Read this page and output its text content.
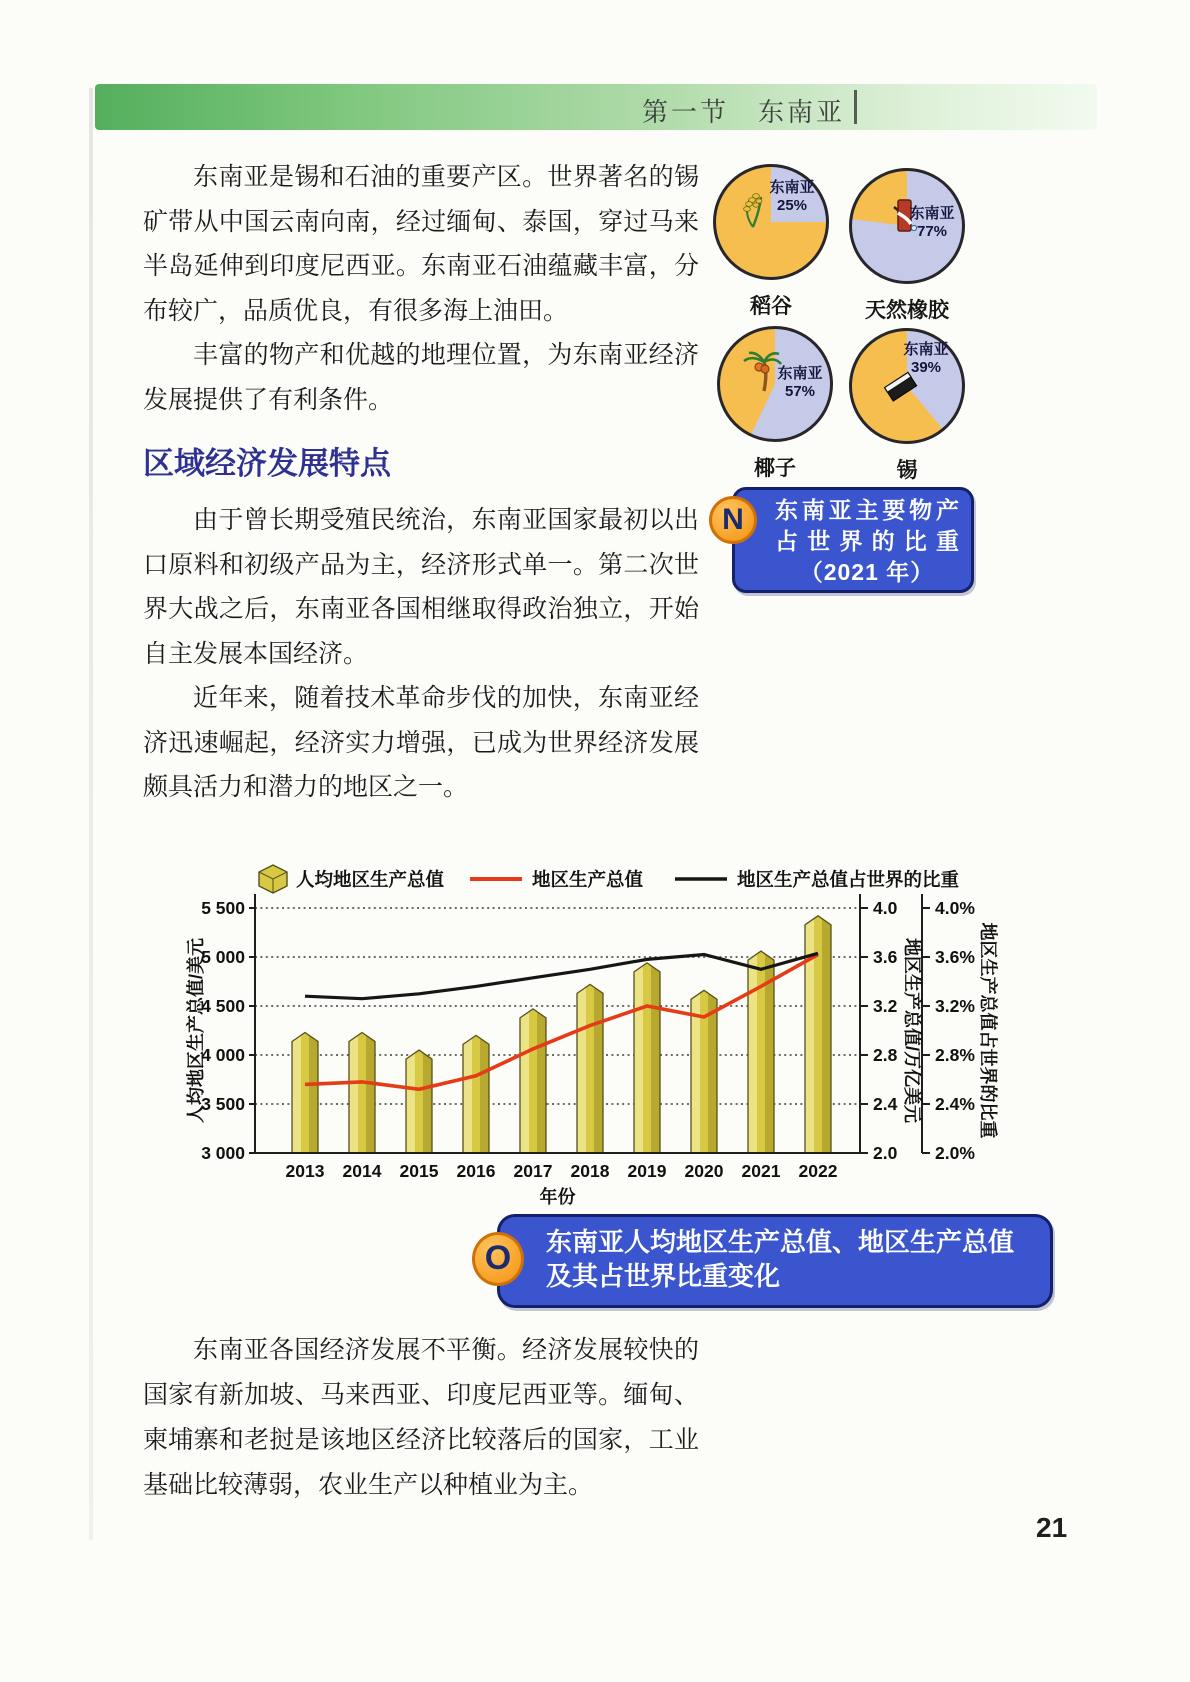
第一节　东南亚

东南亚是锡和石油的重要产区。世界著名的锡矿带从中国云南向南，经过缅甸、泰国，穿过马来半岛延伸到印度尼西亚。东南亚石油蕴藏丰富，分布较广，品质优良，有很多海上油田。

丰富的物产和优越的地理位置，为东南亚经济发展提供了有利条件。

区域经济发展特点

由于曾长期受殖民统治，东南亚国家最初以出口原料和初级产品为主，经济形式单一。第二次世界大战之后，东南亚各国相继取得政治独立，开始自主发展本国经济。

近年来，随着技术革命步伐的加快，东南亚经济迅速崛起，经济实力增强，已成为世界经济发展颇具活力和潜力的地区之一。

东南亚
25%
稻谷
东南亚
77%
天然橡胶
东南亚
57%
椰子
东南亚
39%
锡
N	东南亚主要物产
占世界的比重
（2021 年）
5 500
5 000
4 500
4 000
3 500
3 000
4.0 4.0%
3.6 3.6%
3.2 3.2%
2.8 2.8%
2.4 2.4%
2.0 2.0%
2013 2014 2015 2016 2017 2018 2019 2020 2021 2022
年份
人均地区生产总值/美元	地区生产总值/万亿美元	地区生产总值占世界的比重
人均地区生产总值	地区生产总值	地区生产总值占世界的比重
O	东南亚人均地区生产总值、地区生产总值
及其占世界比重变化

东南亚各国经济发展不平衡。经济发展较快的国家有新加坡、马来西亚、印度尼西亚等。缅甸、柬埔寨和老挝是该地区经济比较落后的国家，工业基础比较薄弱，农业生产以种植业为主。

21
